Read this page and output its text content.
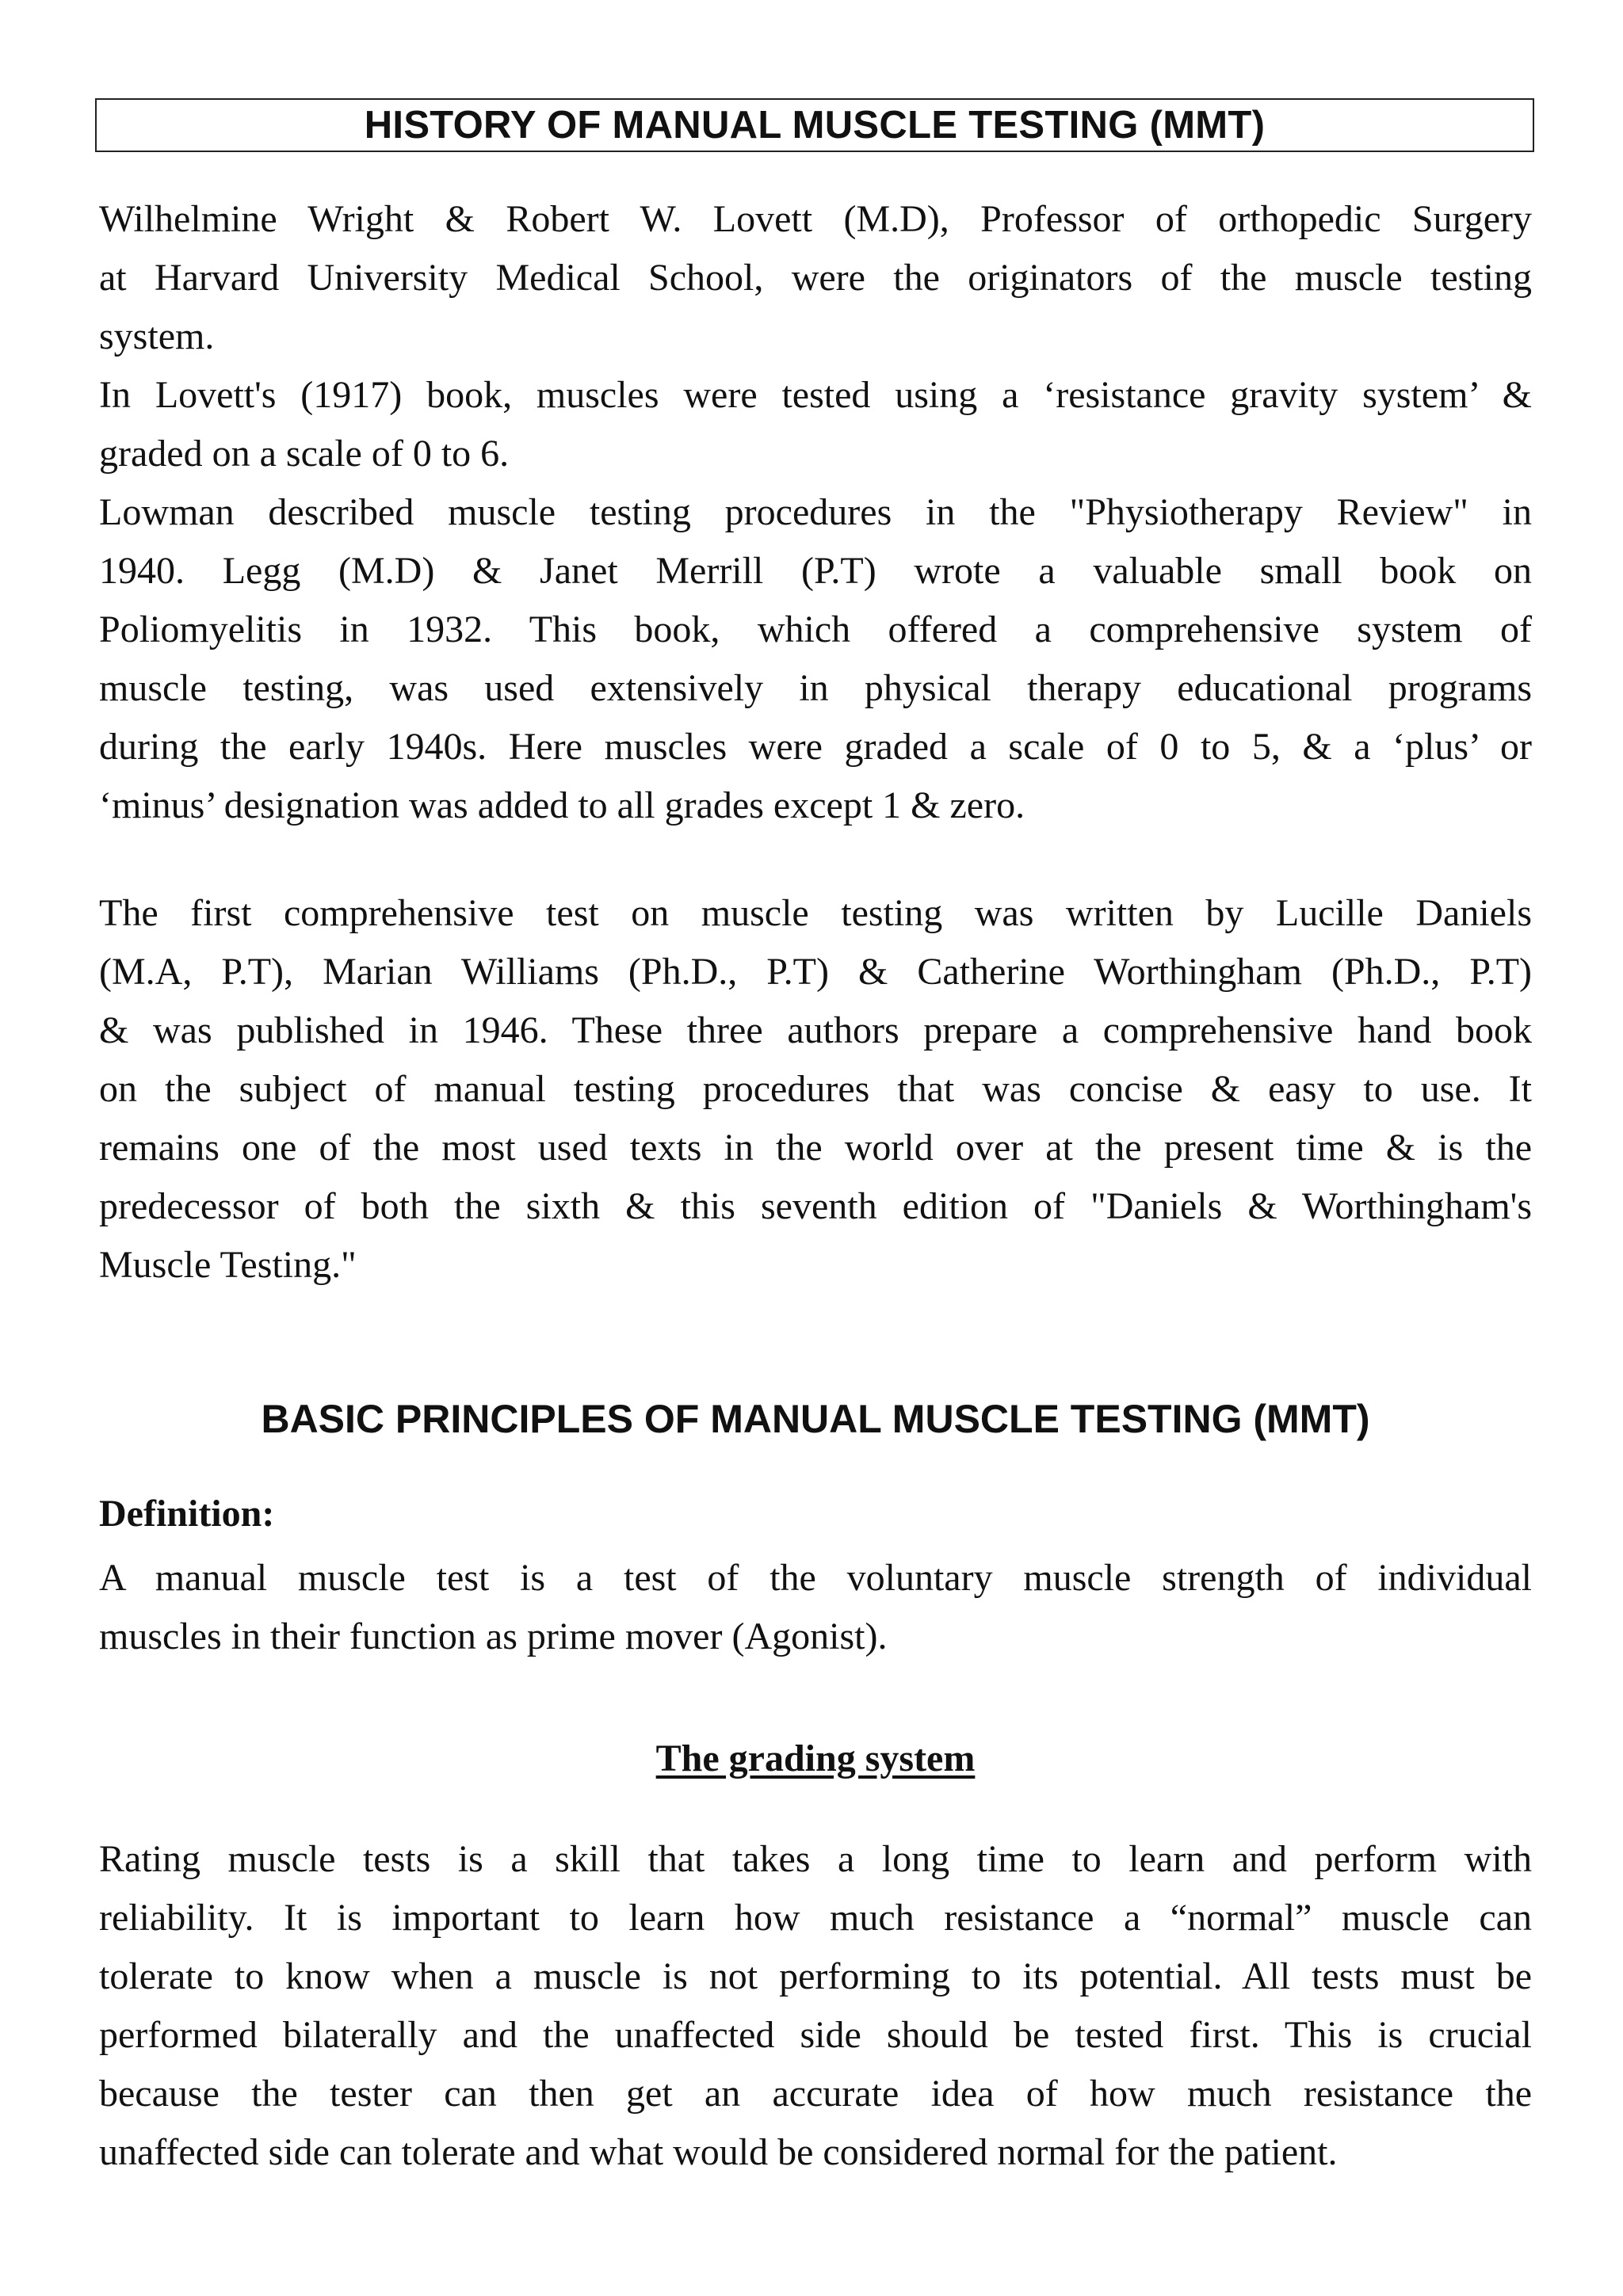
HISTORY OF MANUAL MUSCLE TESTING (MMT)
Wilhelmine Wright & Robert W. Lovett (M.D), Professor of orthopedic Surgery
at Harvard University Medical School, were the originators of the muscle testing
system.
In Lovett's (1917) book, muscles were tested using a ‘resistance gravity system’ &
graded on a scale of 0 to 6.
Lowman described muscle testing procedures in the "Physiotherapy Review" in
1940. Legg (M.D) & Janet Merrill (P.T) wrote a valuable small book on
Poliomyelitis in 1932. This book, which offered a comprehensive system of
muscle testing, was used extensively in physical therapy educational programs
during the early 1940s. Here muscles were graded a scale of 0 to 5, & a ‘plus’ or
‘minus’ designation was added to all grades except 1 & zero.
The first comprehensive test on muscle testing was written by Lucille Daniels
(M.A, P.T), Marian Williams (Ph.D., P.T) & Catherine Worthingham (Ph.D., P.T)
& was published in 1946. These three authors prepare a comprehensive hand book
on the subject of manual testing procedures that was concise & easy to use. It
remains one of the most used texts in the world over at the present time & is the
predecessor of both the sixth & this seventh edition of "Daniels & Worthingham's
Muscle Testing."
BASIC PRINCIPLES OF MANUAL MUSCLE TESTING (MMT)
Definition:
A manual muscle test is a test of the voluntary muscle strength of individual
muscles in their function as prime mover (Agonist).
The grading system
Rating muscle tests is a skill that takes a long time to learn and perform with
reliability. It is important to learn how much resistance a “normal” muscle can
tolerate to know when a muscle is not performing to its potential. All tests must be
performed bilaterally and the unaffected side should be tested first. This is crucial
because the tester can then get an accurate idea of how much resistance the
unaffected side can tolerate and what would be considered normal for the patient.
